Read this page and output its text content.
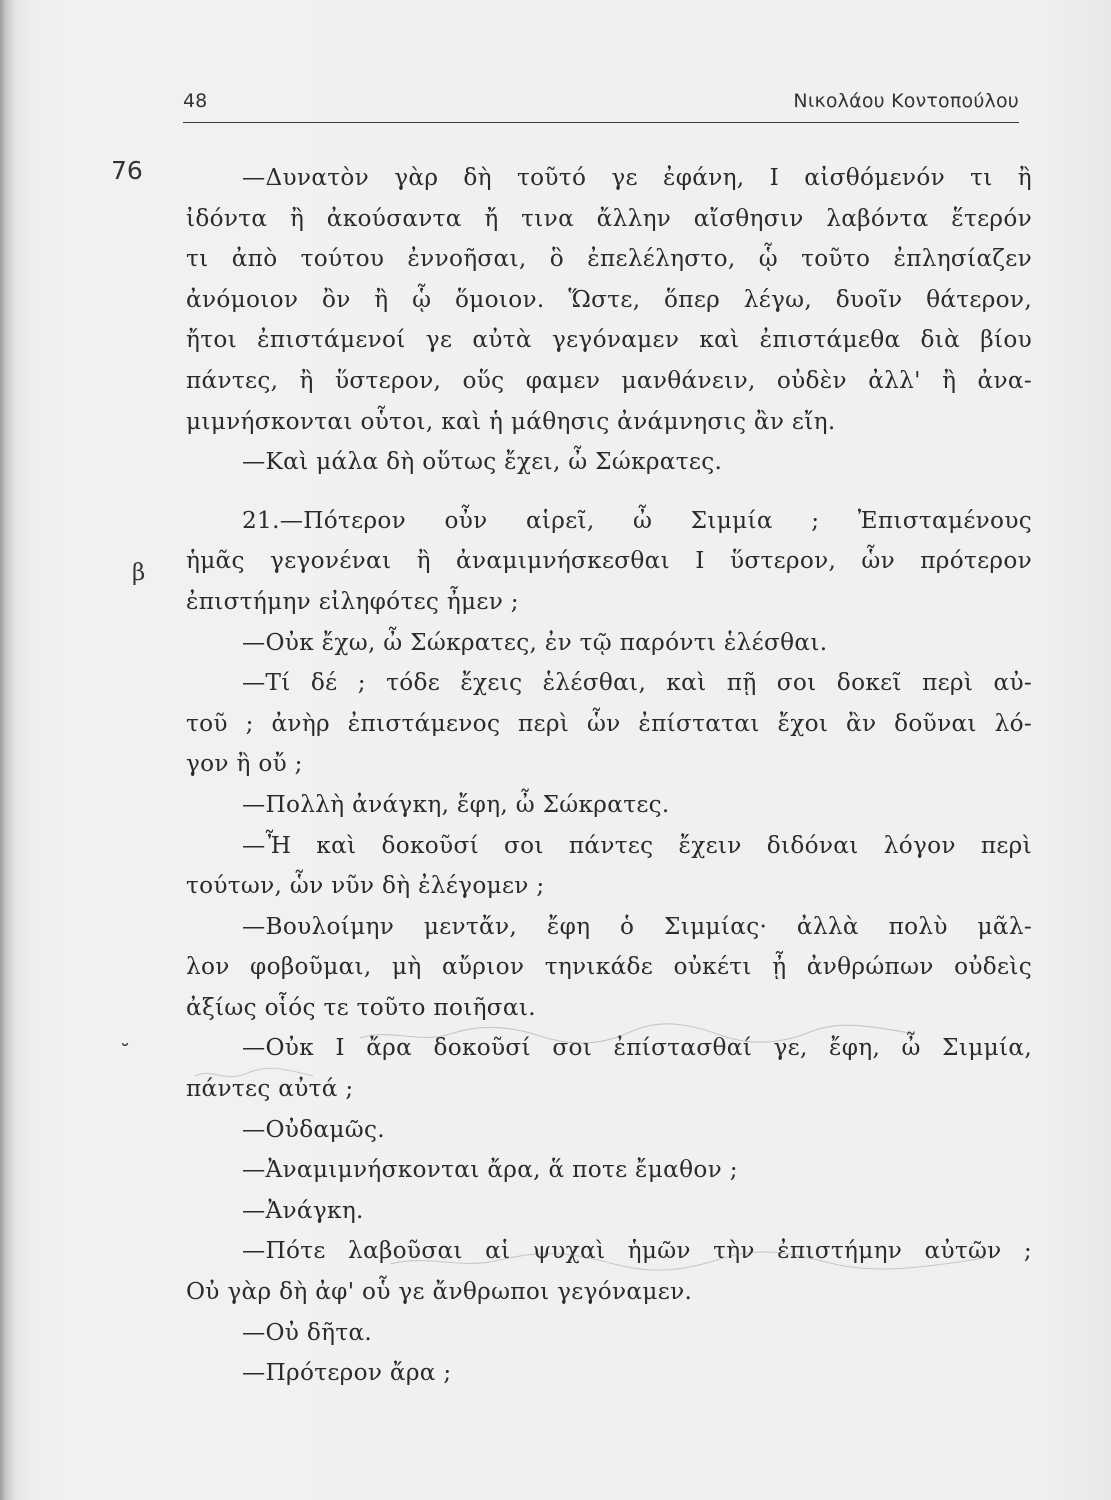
48	Νικολάου Κοντοπούλου
76
β
˘
—Δυνατὸν γὰρ δὴ τοῦτό γε ἐφάνη, Ι αἰσθόμενόν τι ἢ
ἰδόντα ἢ ἀκούσαντα ἤ τινα ἄλλην αἴσθησιν λαβόντα ἕτερόν
τι ἀπὸ τούτου ἐννοῆσαι, ὃ ἐπελέληστο, ᾧ τοῦτο ἐπλησίαζεν
ἀνόμοιον ὂν ἢ ᾧ ὅμοιον. Ὥστε, ὅπερ λέγω, δυοῖν θάτερον,
ἤτοι ἐπιστάμενοί γε αὐτὰ γεγόναμεν καὶ ἐπιστάμεθα διὰ βίου
πάντες, ἢ ὕστερον, οὕς φαμεν μανθάνειν, οὐδὲν ἀλλ' ἢ ἀνα-
μιμνήσκονται οὗτοι, καὶ ἡ μάθησις ἀνάμνησις ἂν εἴη.
—Καὶ μάλα δὴ οὕτως ἔχει, ὦ Σώκρατες.
21.—Πότερον οὖν αἱρεῖ, ὦ Σιμμία ; Ἐπισταμένους
ἡμᾶς γεγονέναι ἢ ἀναμιμνήσκεσθαι Ι ὕστερον, ὧν πρότερον
ἐπιστήμην εἰληφότες ἦμεν ;
—Οὐκ ἔχω, ὦ Σώκρατες, ἐν τῷ παρόντι ἑλέσθαι.
—Τί δέ ; τόδε ἔχεις ἑλέσθαι, καὶ πῇ σοι δοκεῖ περὶ αὐ-
τοῦ ; ἀνὴρ ἐπιστάμενος περὶ ὧν ἐπίσταται ἔχοι ἂν δοῦναι λό-
γον ἢ οὔ ;
—Πολλὴ ἀνάγκη, ἔφη, ὦ Σώκρατες.
—Ἦ καὶ δοκοῦσί σοι πάντες ἔχειν διδόναι λόγον περὶ
τούτων, ὧν νῦν δὴ ἐλέγομεν ;
—Βουλοίμην μεντἄν, ἔφη ὁ Σιμμίας· ἀλλὰ πολὺ μᾶλ-
λον φοβοῦμαι, μὴ αὔριον τηνικάδε οὐκέτι ᾖ ἀνθρώπων οὐδεὶς
ἀξίως οἷός τε τοῦτο ποιῆσαι.
—Οὐκ Ι ἄρα δοκοῦσί σοι ἐπίστασθαί γε, ἔφη, ὦ Σιμμία,
πάντες αὐτά ;
—Οὐδαμῶς.
—Ἀναμιμνήσκονται ἄρα, ἅ ποτε ἔμαθον ;
—Ἀνάγκη.
—Πότε λαβοῦσαι αἱ ψυχαὶ ἡμῶν τὴν ἐπιστήμην αὐτῶν ;
Οὐ γὰρ δὴ ἀφ' οὗ γε ἄνθρωποι γεγόναμεν.
—Οὐ δῆτα.
—Πρότερον ἄρα ;
